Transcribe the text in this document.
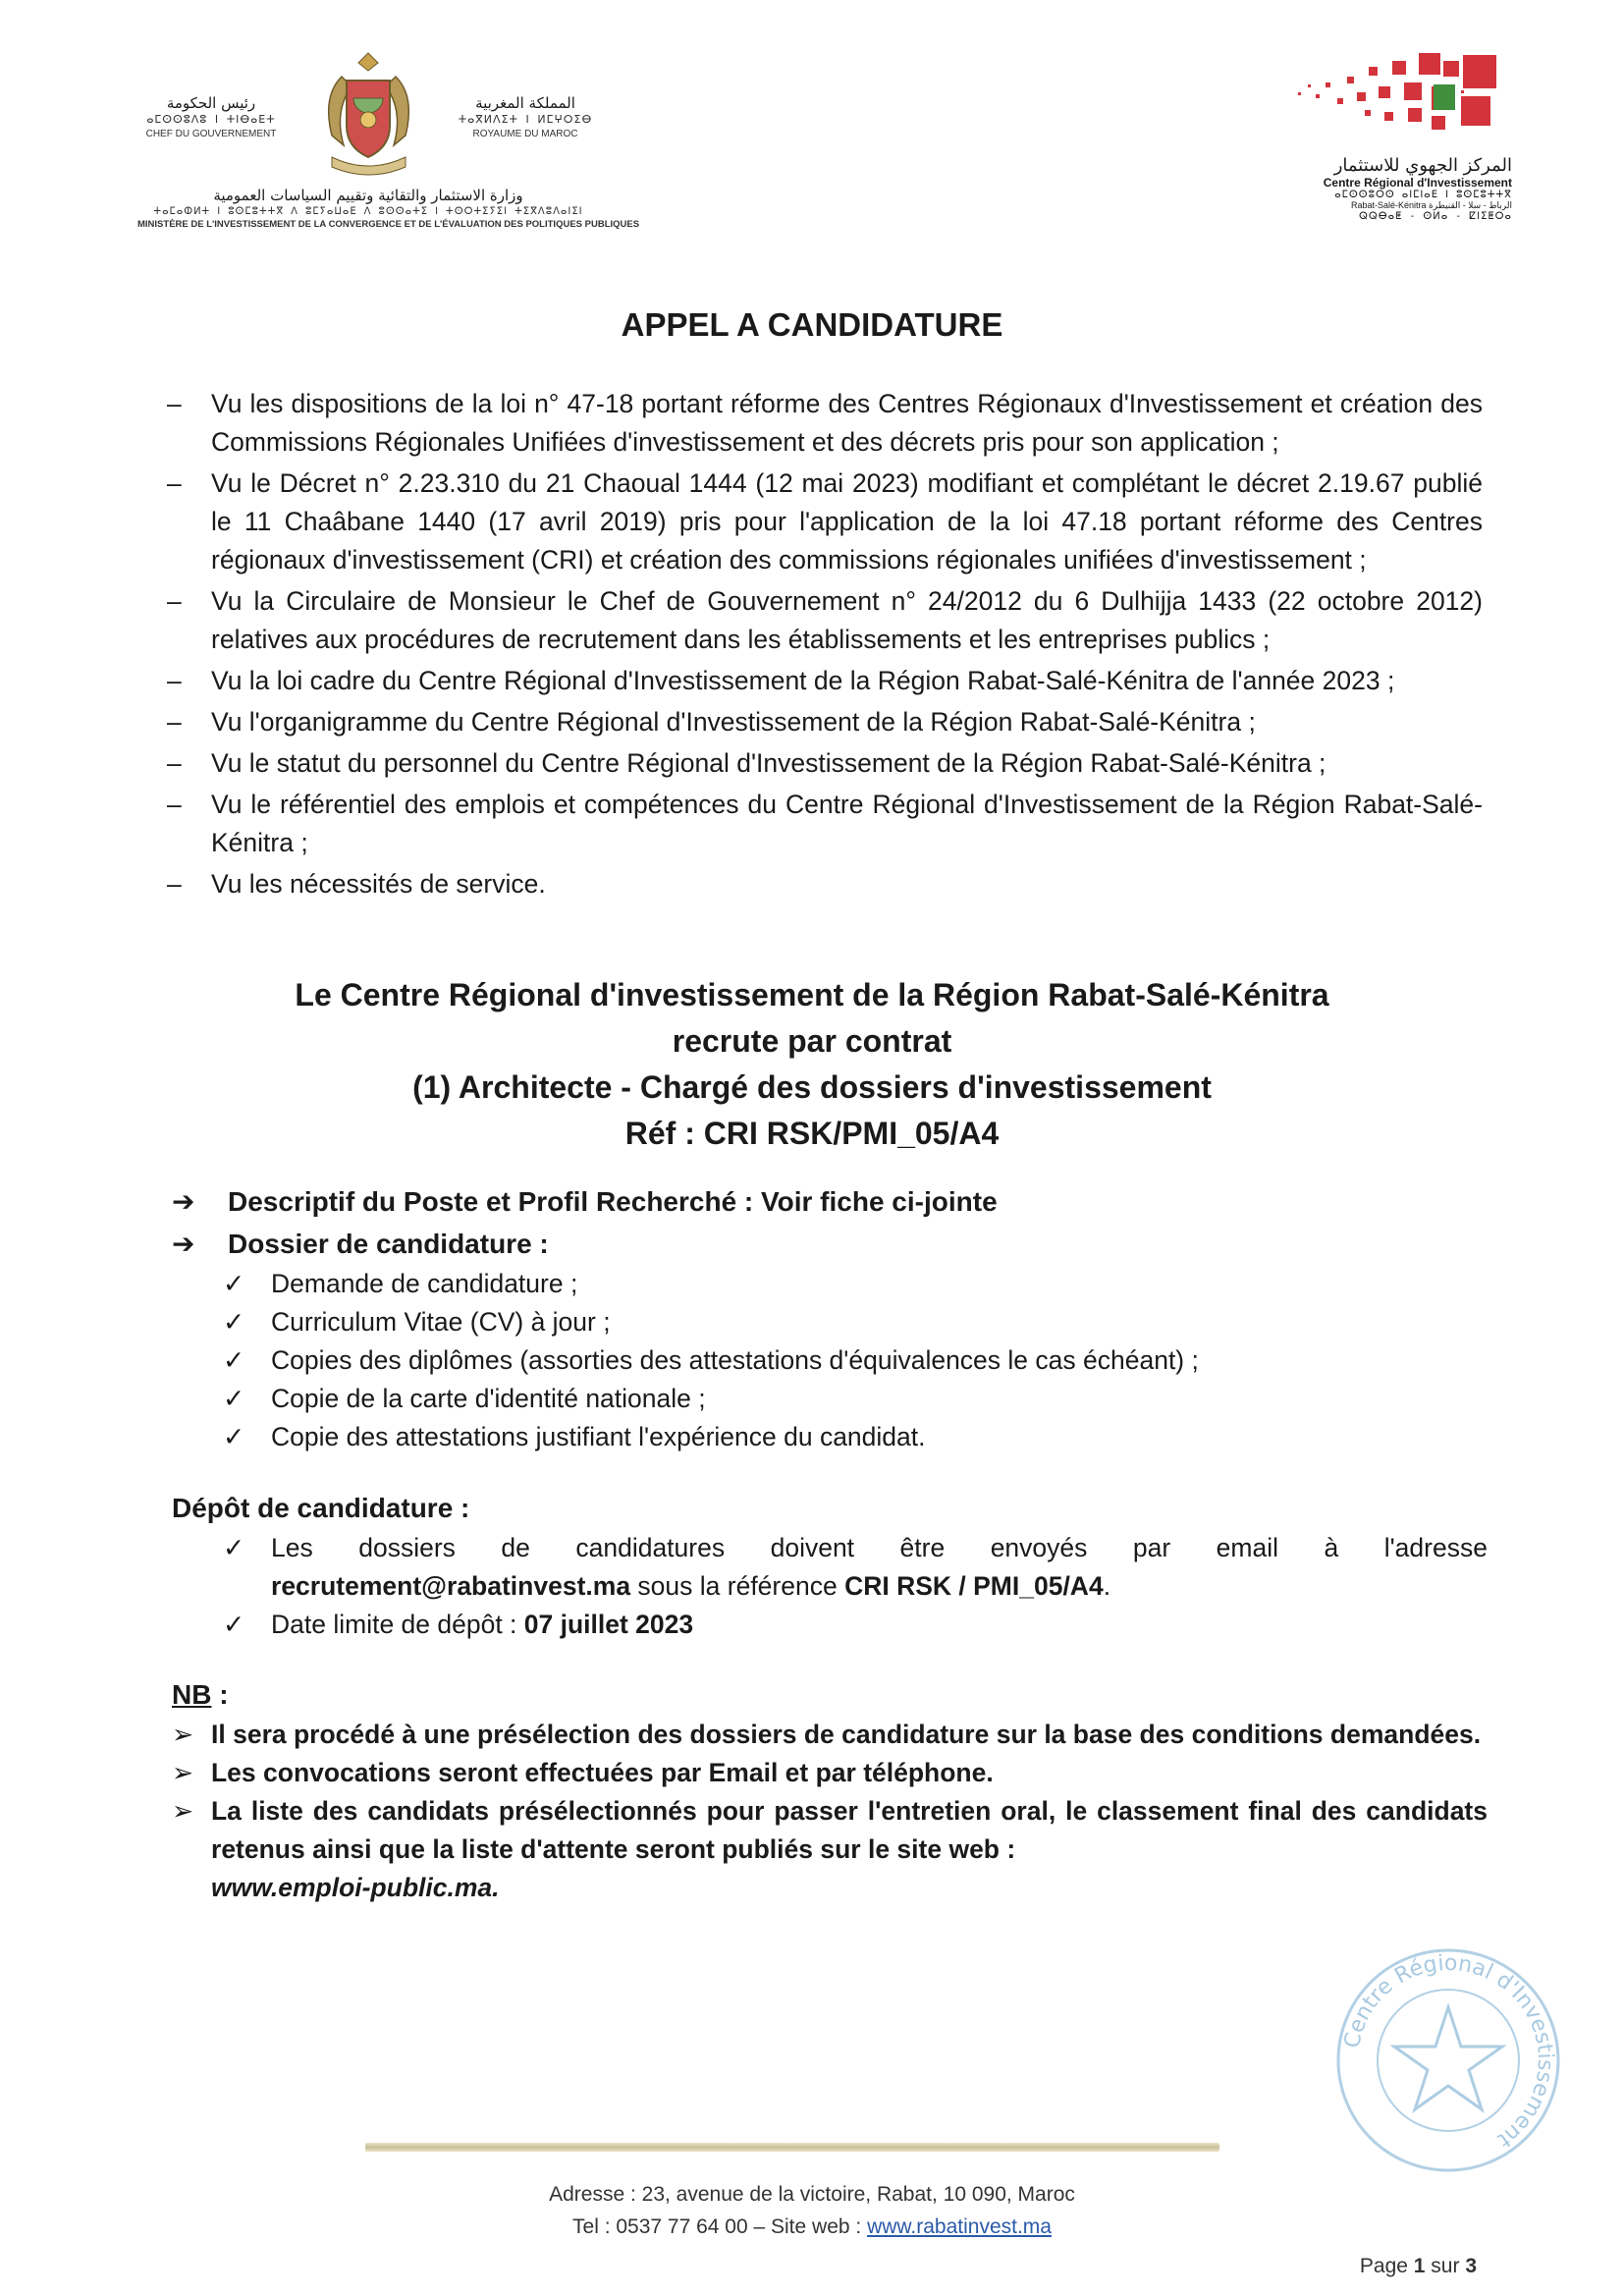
رئيس الحكومة
ⴰⵎⵙⵙⵓⴷⵓ ⵏ ⵜⵏⴱⴰⴹⵜ
CHEF DU GOUVERNEMENT
المملكة المغربية
ⵜⴰⴳⵍⴷⵉⵜ ⵏ ⵍⵎⵖⵔⵉⴱ
ROYAUME DU MAROC
وزارة الاستثمار والتقائية وتقييم السياسات العمومية
ⵜⴰⵎⴰⵀⵍⵜ ⵏ ⵓⵙⵎⵓⵜⵜⴳ ⴷ ⵓⵎⵢⴰⵡⴰⴹ ⴷ ⵓⵙⵙⴰⵜⵉ ⵏ ⵜⵙⵔⵜⵉⵢⵉⵏ ⵜⵉⴳⴷⵓⴷⴰⵏⵉⵏ
MINISTÈRE DE L'INVESTISSEMENT DE LA CONVERGENCE ET DE L'ÉVALUATION DES POLITIQUES PUBLIQUES
المركز الجهوي للاستثمار
Centre Régional d'Investissement
ⴰⵎⵙⵙⵓⵔⵙ ⴰⵏⵎⵏⴰⴹ ⵏ ⵓⵙⵎⵓⵜⵜⴳ
Rabat-Salé-Kénitra الرباط - سلا - القنيطرة
ⵕⵕⴱⴰⵟ - ⵙⵍⴰ - ⵇⵏⵉⵟⵔⴰ
APPEL A CANDIDATURE
– Vu les dispositions de la loi n° 47-18 portant réforme des Centres Régionaux d'Investissement et création des Commissions Régionales Unifiées d'investissement et des décrets pris pour son application ;
– Vu le Décret n° 2.23.310 du 21 Chaoual 1444 (12 mai 2023) modifiant et complétant le décret 2.19.67 publié le 11 Chaâbane 1440 (17 avril 2019) pris pour l'application de la loi 47.18 portant réforme des Centres régionaux d'investissement (CRI) et création des commissions régionales unifiées d'investissement ;
– Vu la Circulaire de Monsieur le Chef de Gouvernement n° 24/2012 du 6 Dulhijja 1433 (22 octobre 2012) relatives aux procédures de recrutement dans les établissements et les entreprises publics ;
– Vu la loi cadre du Centre Régional d'Investissement de la Région Rabat-Salé-Kénitra de l'année 2023 ;
– Vu l'organigramme du Centre Régional d'Investissement de la Région Rabat-Salé-Kénitra ;
– Vu le statut du personnel du Centre Régional d'Investissement de la Région Rabat-Salé-Kénitra ;
– Vu le référentiel des emplois et compétences du Centre Régional d'Investissement de la Région Rabat-Salé-Kénitra ;
– Vu les nécessités de service.
Le Centre Régional d'investissement de la Région Rabat-Salé-Kénitra
recrute par contrat
(1) Architecte - Chargé des dossiers d'investissement
Réf : CRI RSK/PMI_05/A4
➔ Descriptif du Poste et Profil Recherché : Voir fiche ci-jointe
➔ Dossier de candidature :
✓ Demande de candidature ;
✓ Curriculum Vitae (CV) à jour ;
✓ Copies des diplômes (assorties des attestations d'équivalences le cas échéant) ;
✓ Copie de la carte d'identité nationale ;
✓ Copie des attestations justifiant l'expérience du candidat.
Dépôt de candidature :
✓ Les dossiers de candidatures doivent être envoyés par email à l'adresse
recrutement@rabatinvest.ma sous la référence CRI RSK / PMI_05/A4.
✓ Date limite de dépôt : 07 juillet 2023
NB :
➢ Il sera procédé à une présélection des dossiers de candidature sur la base des conditions demandées.
➢ Les convocations seront effectuées par Email et par téléphone.
➢ La liste des candidats présélectionnés pour passer l'entretien oral, le classement final des candidats retenus ainsi que la liste d'attente seront publiés sur le site web :
www.emploi-public.ma.
Centre Régional d'Investissement
Adresse : 23, avenue de la victoire, Rabat, 10 090, Maroc
Tel : 0537 77 64 00 – Site web : www.rabatinvest.ma
Page 1 sur 3
